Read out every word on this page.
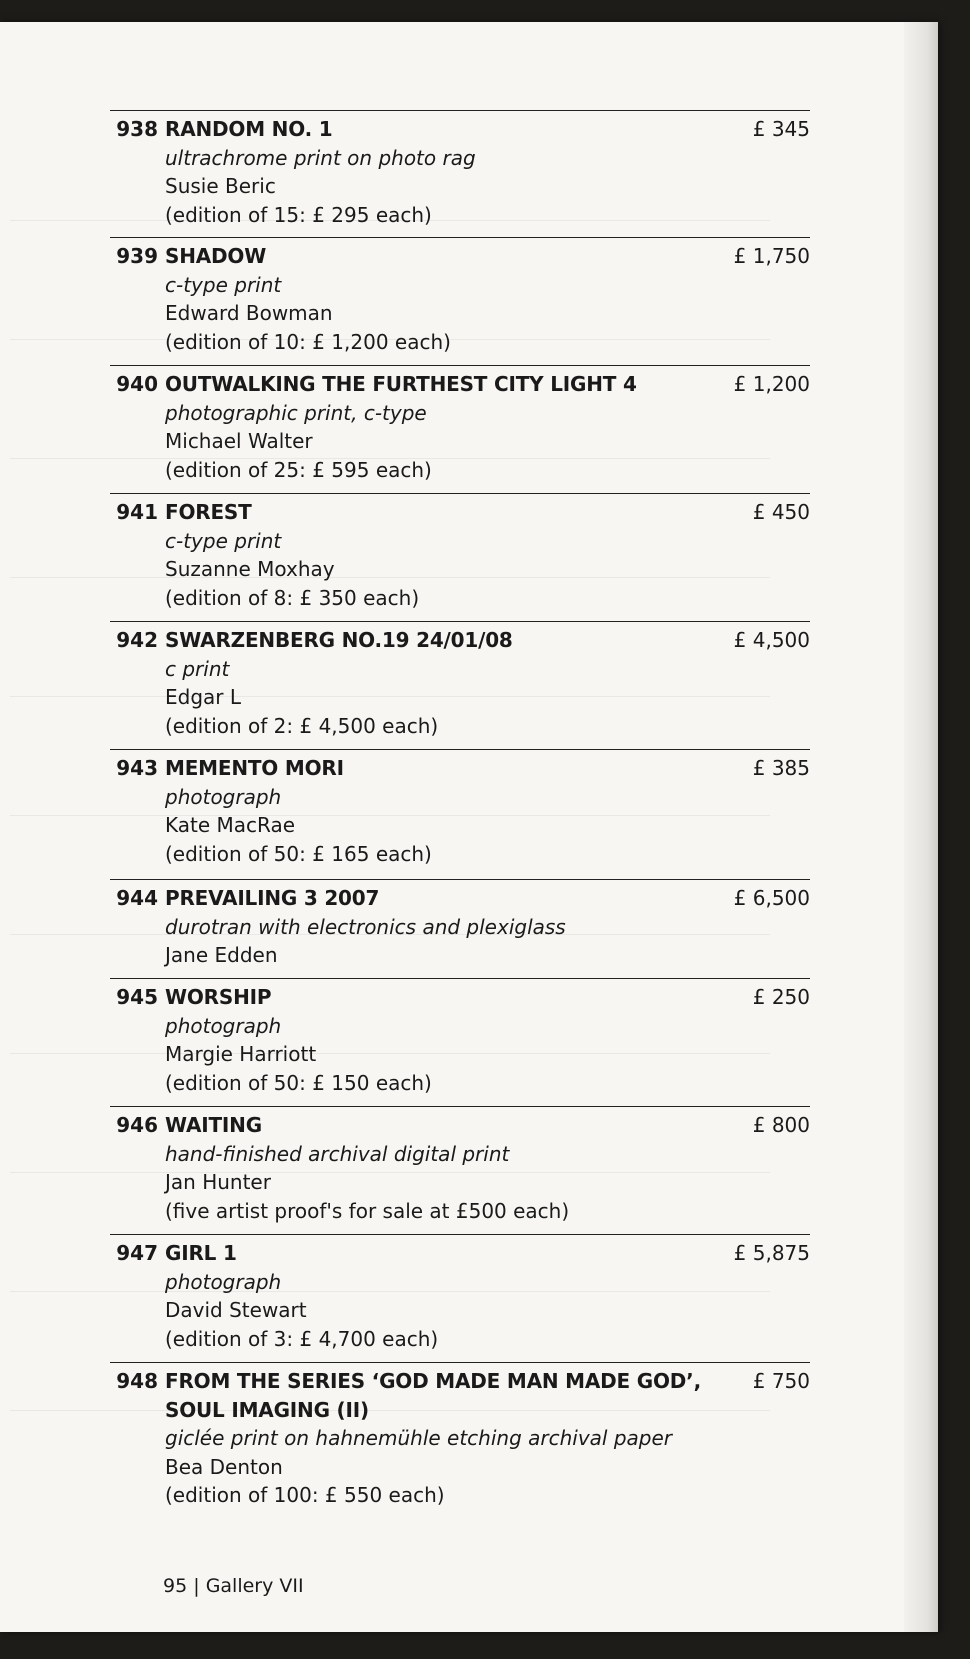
938 RANDOM NO. 1
ultrachrome print on photo rag
Susie Beric
(edition of 15: £ 295 each)
£ 345
939 SHADOW
c-type print
Edward Bowman
(edition of 10: £ 1,200 each)
£ 1,750
940 OUTWALKING THE FURTHEST CITY LIGHT 4
photographic print, c-type
Michael Walter
(edition of 25: £ 595 each)
£ 1,200
941 FOREST
c-type print
Suzanne Moxhay
(edition of 8: £ 350 each)
£ 450
942 SWARZENBERG NO.19 24/01/08
c print
Edgar L
(edition of 2: £ 4,500 each)
£ 4,500
943 MEMENTO MORI
photograph
Kate MacRae
(edition of 50: £ 165 each)
£ 385
944 PREVAILING 3 2007
durotran with electronics and plexiglass
Jane Edden
£ 6,500
945 WORSHIP
photograph
Margie Harriott
(edition of 50: £ 150 each)
£ 250
946 WAITING
hand-finished archival digital print
Jan Hunter
(five artist proof's for sale at £500 each)
£ 800
947 GIRL 1
photograph
David Stewart
(edition of 3: £ 4,700 each)
£ 5,875
948 FROM THE SERIES ‘GOD MADE MAN MADE GOD’,
SOUL IMAGING (II)
giclée print on hahnemühle etching archival paper
Bea Denton
(edition of 100: £ 550 each)
£ 750
95 | Gallery VII
